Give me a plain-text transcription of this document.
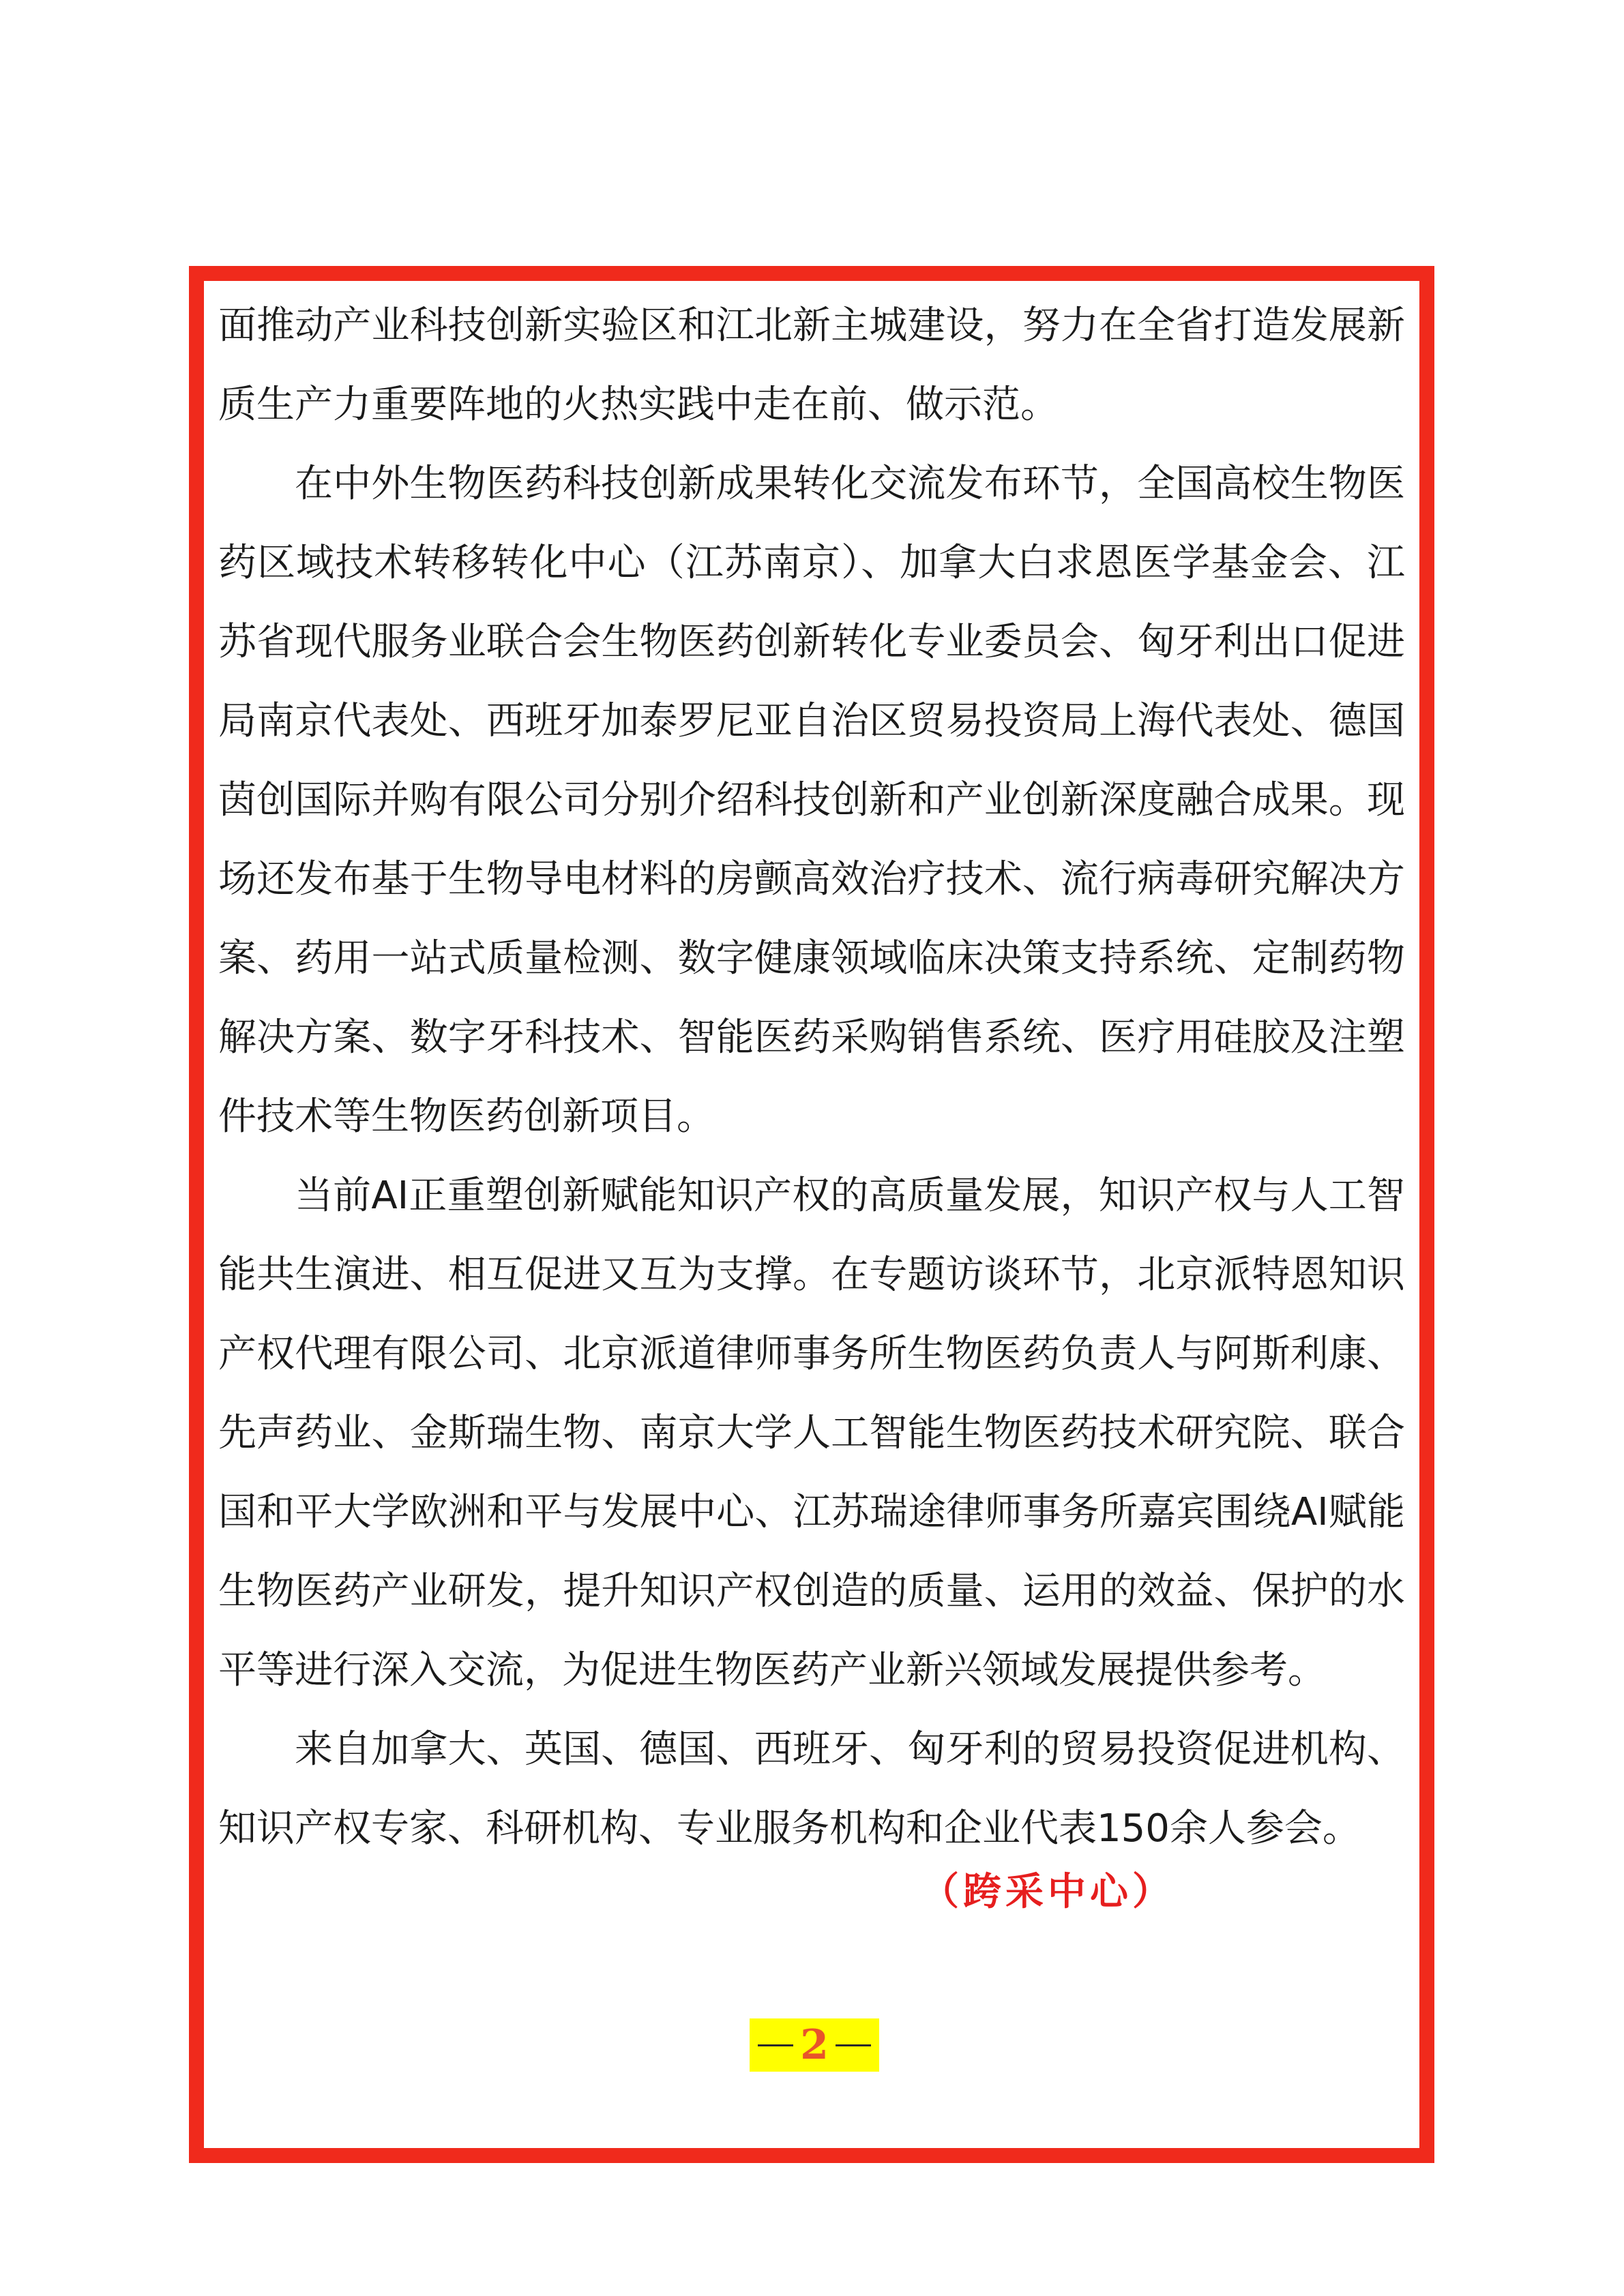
面推动产业科技创新实验区和江北新主城建设，努力在全省打造发展新质生产力重要阵地的火热实践中走在前、做示范。

在中外生物医药科技创新成果转化交流发布环节，全国高校生物医药区域技术转移转化中心（江苏南京）、加拿大白求恩医学基金会、江苏省现代服务业联合会生物医药创新转化专业委员会、匈牙利出口促进局南京代表处、西班牙加泰罗尼亚自治区贸易投资局上海代表处、德国茵创国际并购有限公司分别介绍科技创新和产业创新深度融合成果。现场还发布基于生物导电材料的房颤高效治疗技术、流行病毒研究解决方案、药用一站式质量检测、数字健康领域临床决策支持系统、定制药物解决方案、数字牙科技术、智能医药采购销售系统、医疗用硅胶及注塑件技术等生物医药创新项目。

当前AI正重塑创新赋能知识产权的高质量发展，知识产权与人工智能共生演进、相互促进又互为支撑。在专题访谈环节，北京派特恩知识产权代理有限公司、北京派道律师事务所生物医药负责人与阿斯利康、先声药业、金斯瑞生物、南京大学人工智能生物医药技术研究院、联合国和平大学欧洲和平与发展中心、江苏瑞途律师事务所嘉宾围绕AI赋能生物医药产业研发，提升知识产权创造的质量、运用的效益、保护的水平等进行深入交流，为促进生物医药产业新兴领域发展提供参考。

来自加拿大、英国、德国、西班牙、匈牙利的贸易投资促进机构、知识产权专家、科研机构、专业服务机构和企业代表150余人参会。

（跨采中心）
2
